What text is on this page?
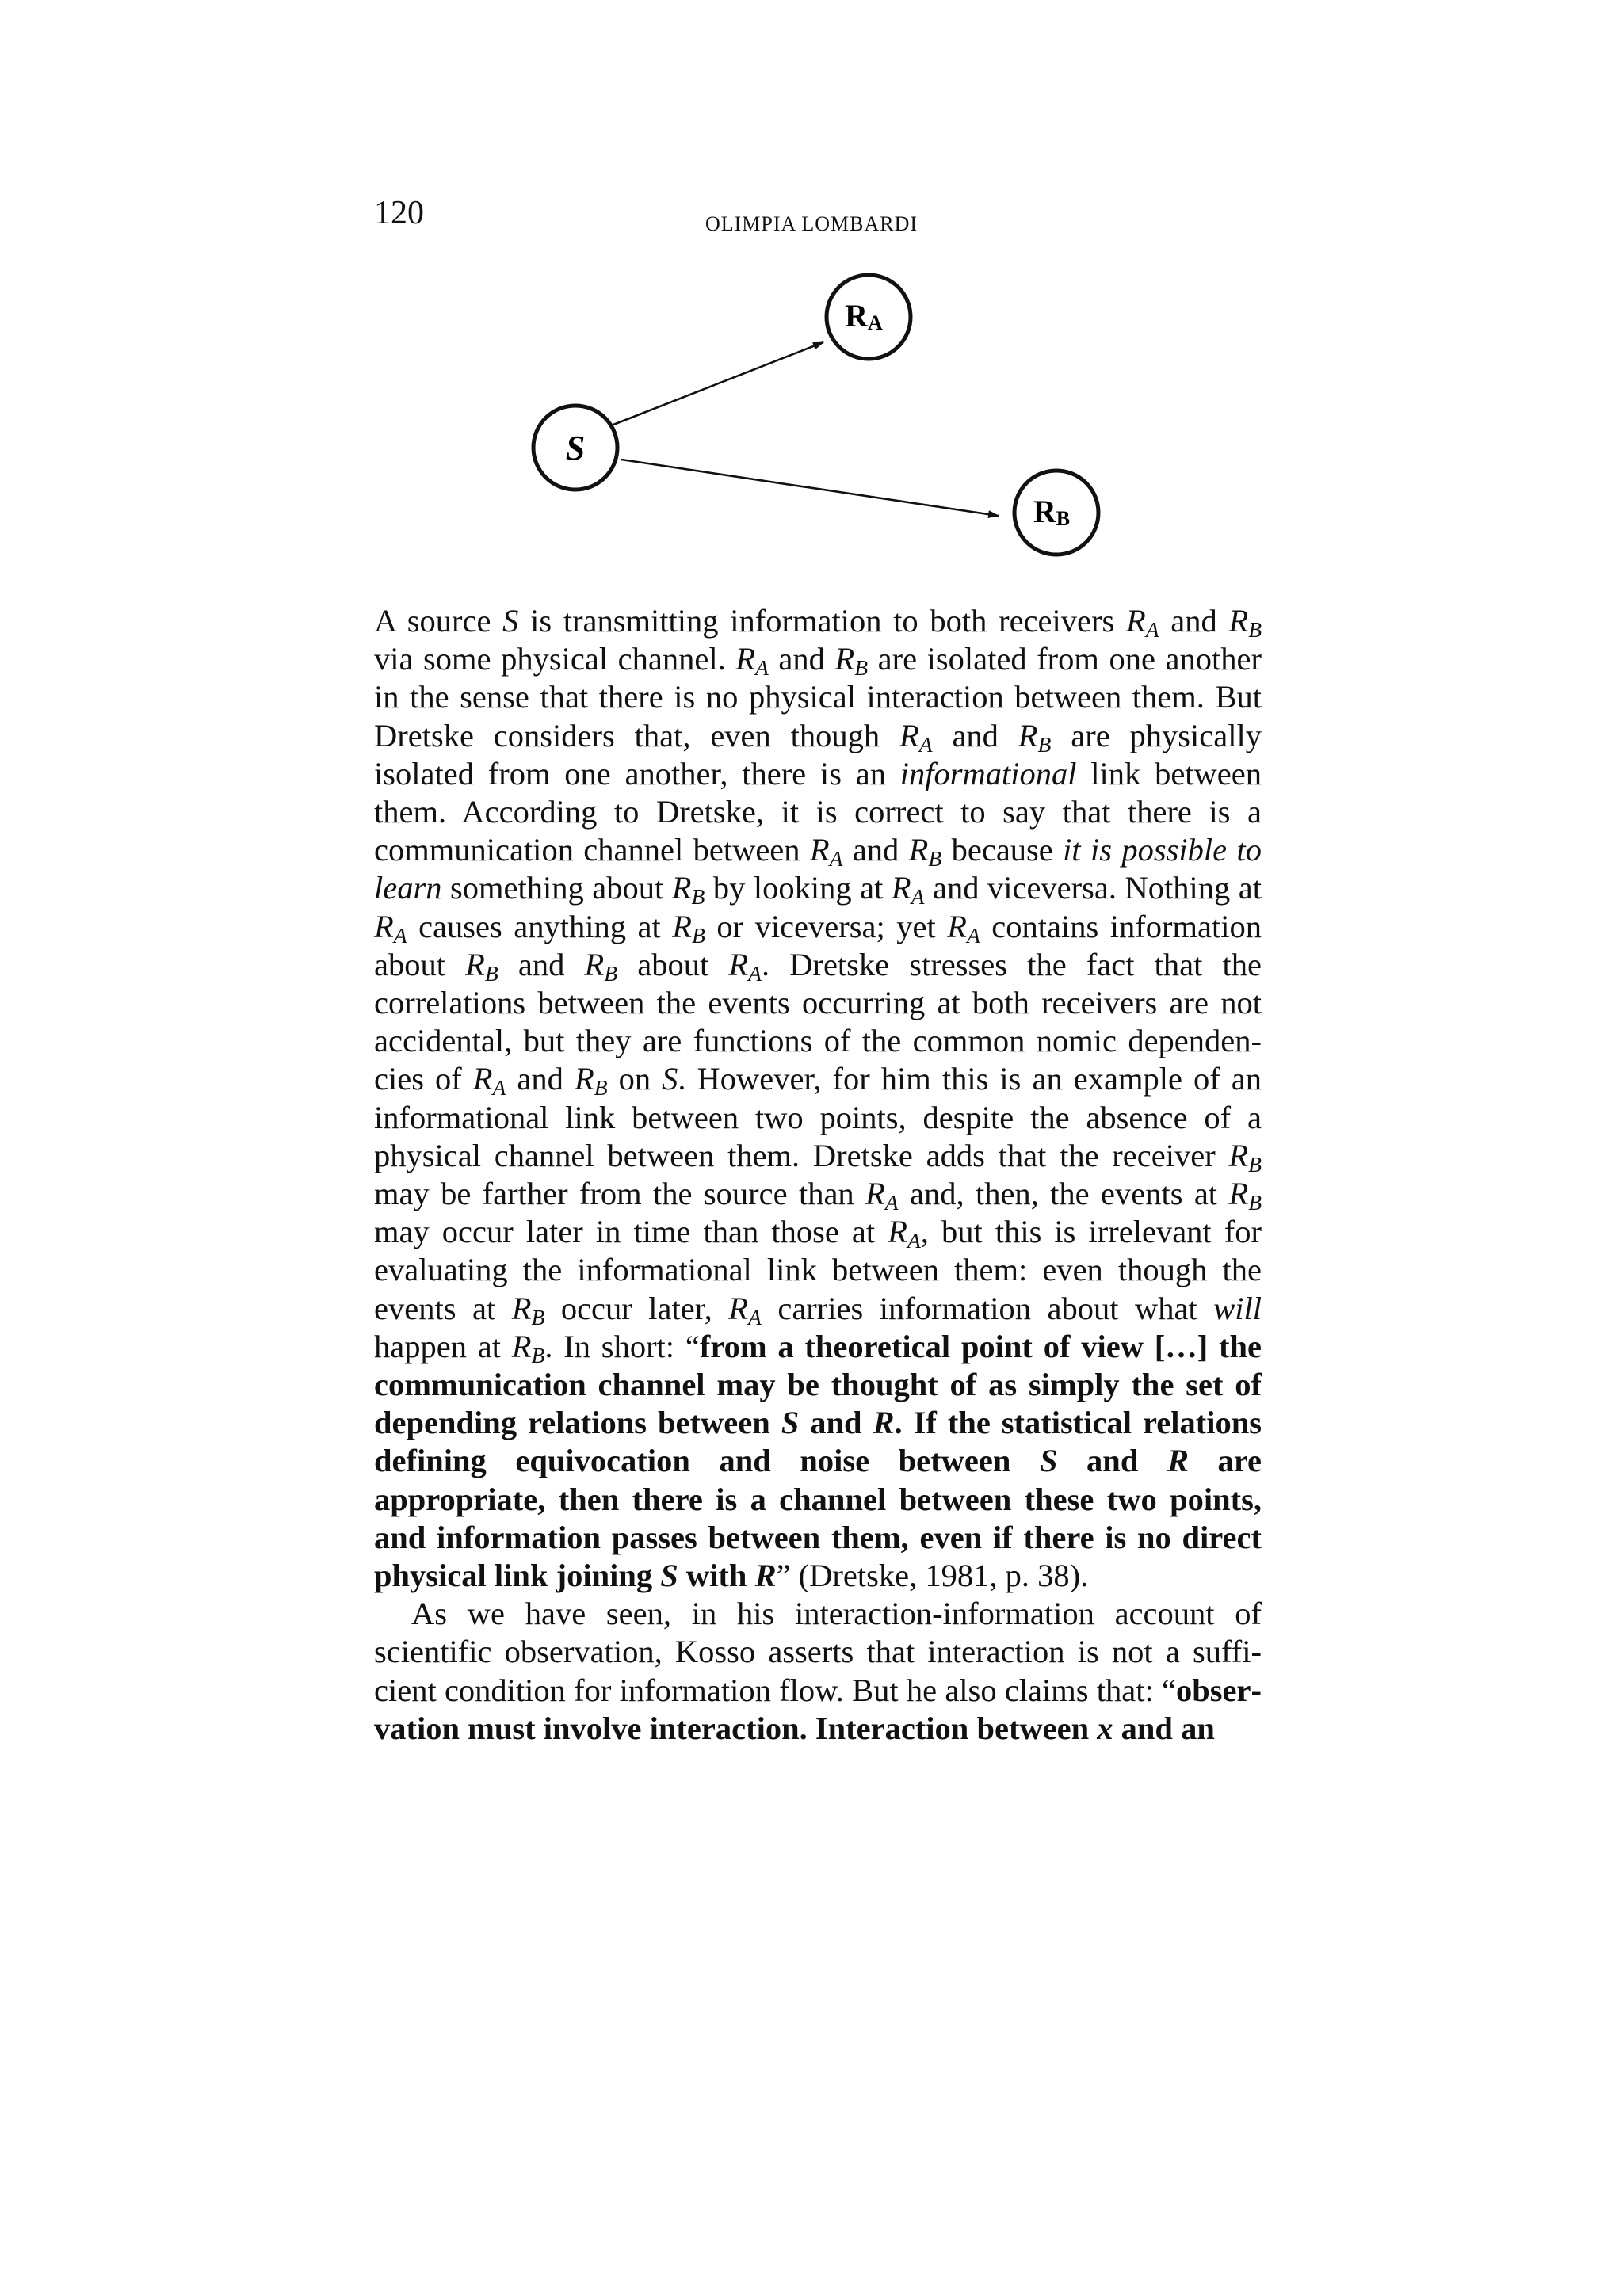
120	OLIMPIA LOMBARDI
S
RA
RB

A source S is transmitting information to both receivers $R_A$ and $R_B$ via some physical channel. $R_A$ and $R_B$ are isolated from one another in the sense that there is no physical interaction between them. But Dretske considers that, even though $R_A$ and $R_B$ are physically isolated from one another, there is an informational link between them. According to Dretske, it is correct to say that there is a communication channel between $R_A$ and $R_B$ because it is possible to learn something about $R_B$ by looking at $R_A$ and viceversa. Nothing at $R_A$ causes anything at $R_B$ or viceversa; yet $R_A$ contains information about $R_B$ and $R_B$ about $R_A$. Dretske stresses the fact that the correlations between the events occurring at both receivers are not accidental, but they are functions of the common nomic dependencies of $R_A$ and $R_B$ on S. However, for him this is an example of an informational link between two points, despite the absence of a physical channel between them. Dretske adds that the receiver $R_B$ may be farther from the source than $R_A$ and, then, the events at $R_B$ may occur later in time than those at $R_A$, but this is irrelevant for evaluating the informational link between them: even though the events at $R_B$ occur later, $R_A$ carries information about what will happen at $R_B$. In short: “from a theoretical point of view […] the communication channel may be thought of as simply the set of depending relations between S and R. If the statistical relations defining equivocation and noise between S and R are appropriate, then there is a channel between these two points, and information passes between them, even if there is no direct physical link joining S with R” (Dretske, 1981, p. 38).

As we have seen, in his interaction-information account of scientific observation, Kosso asserts that interaction is not a sufficient condition for information flow. But he also claims that: “observation must involve interaction. Interaction between x and an
